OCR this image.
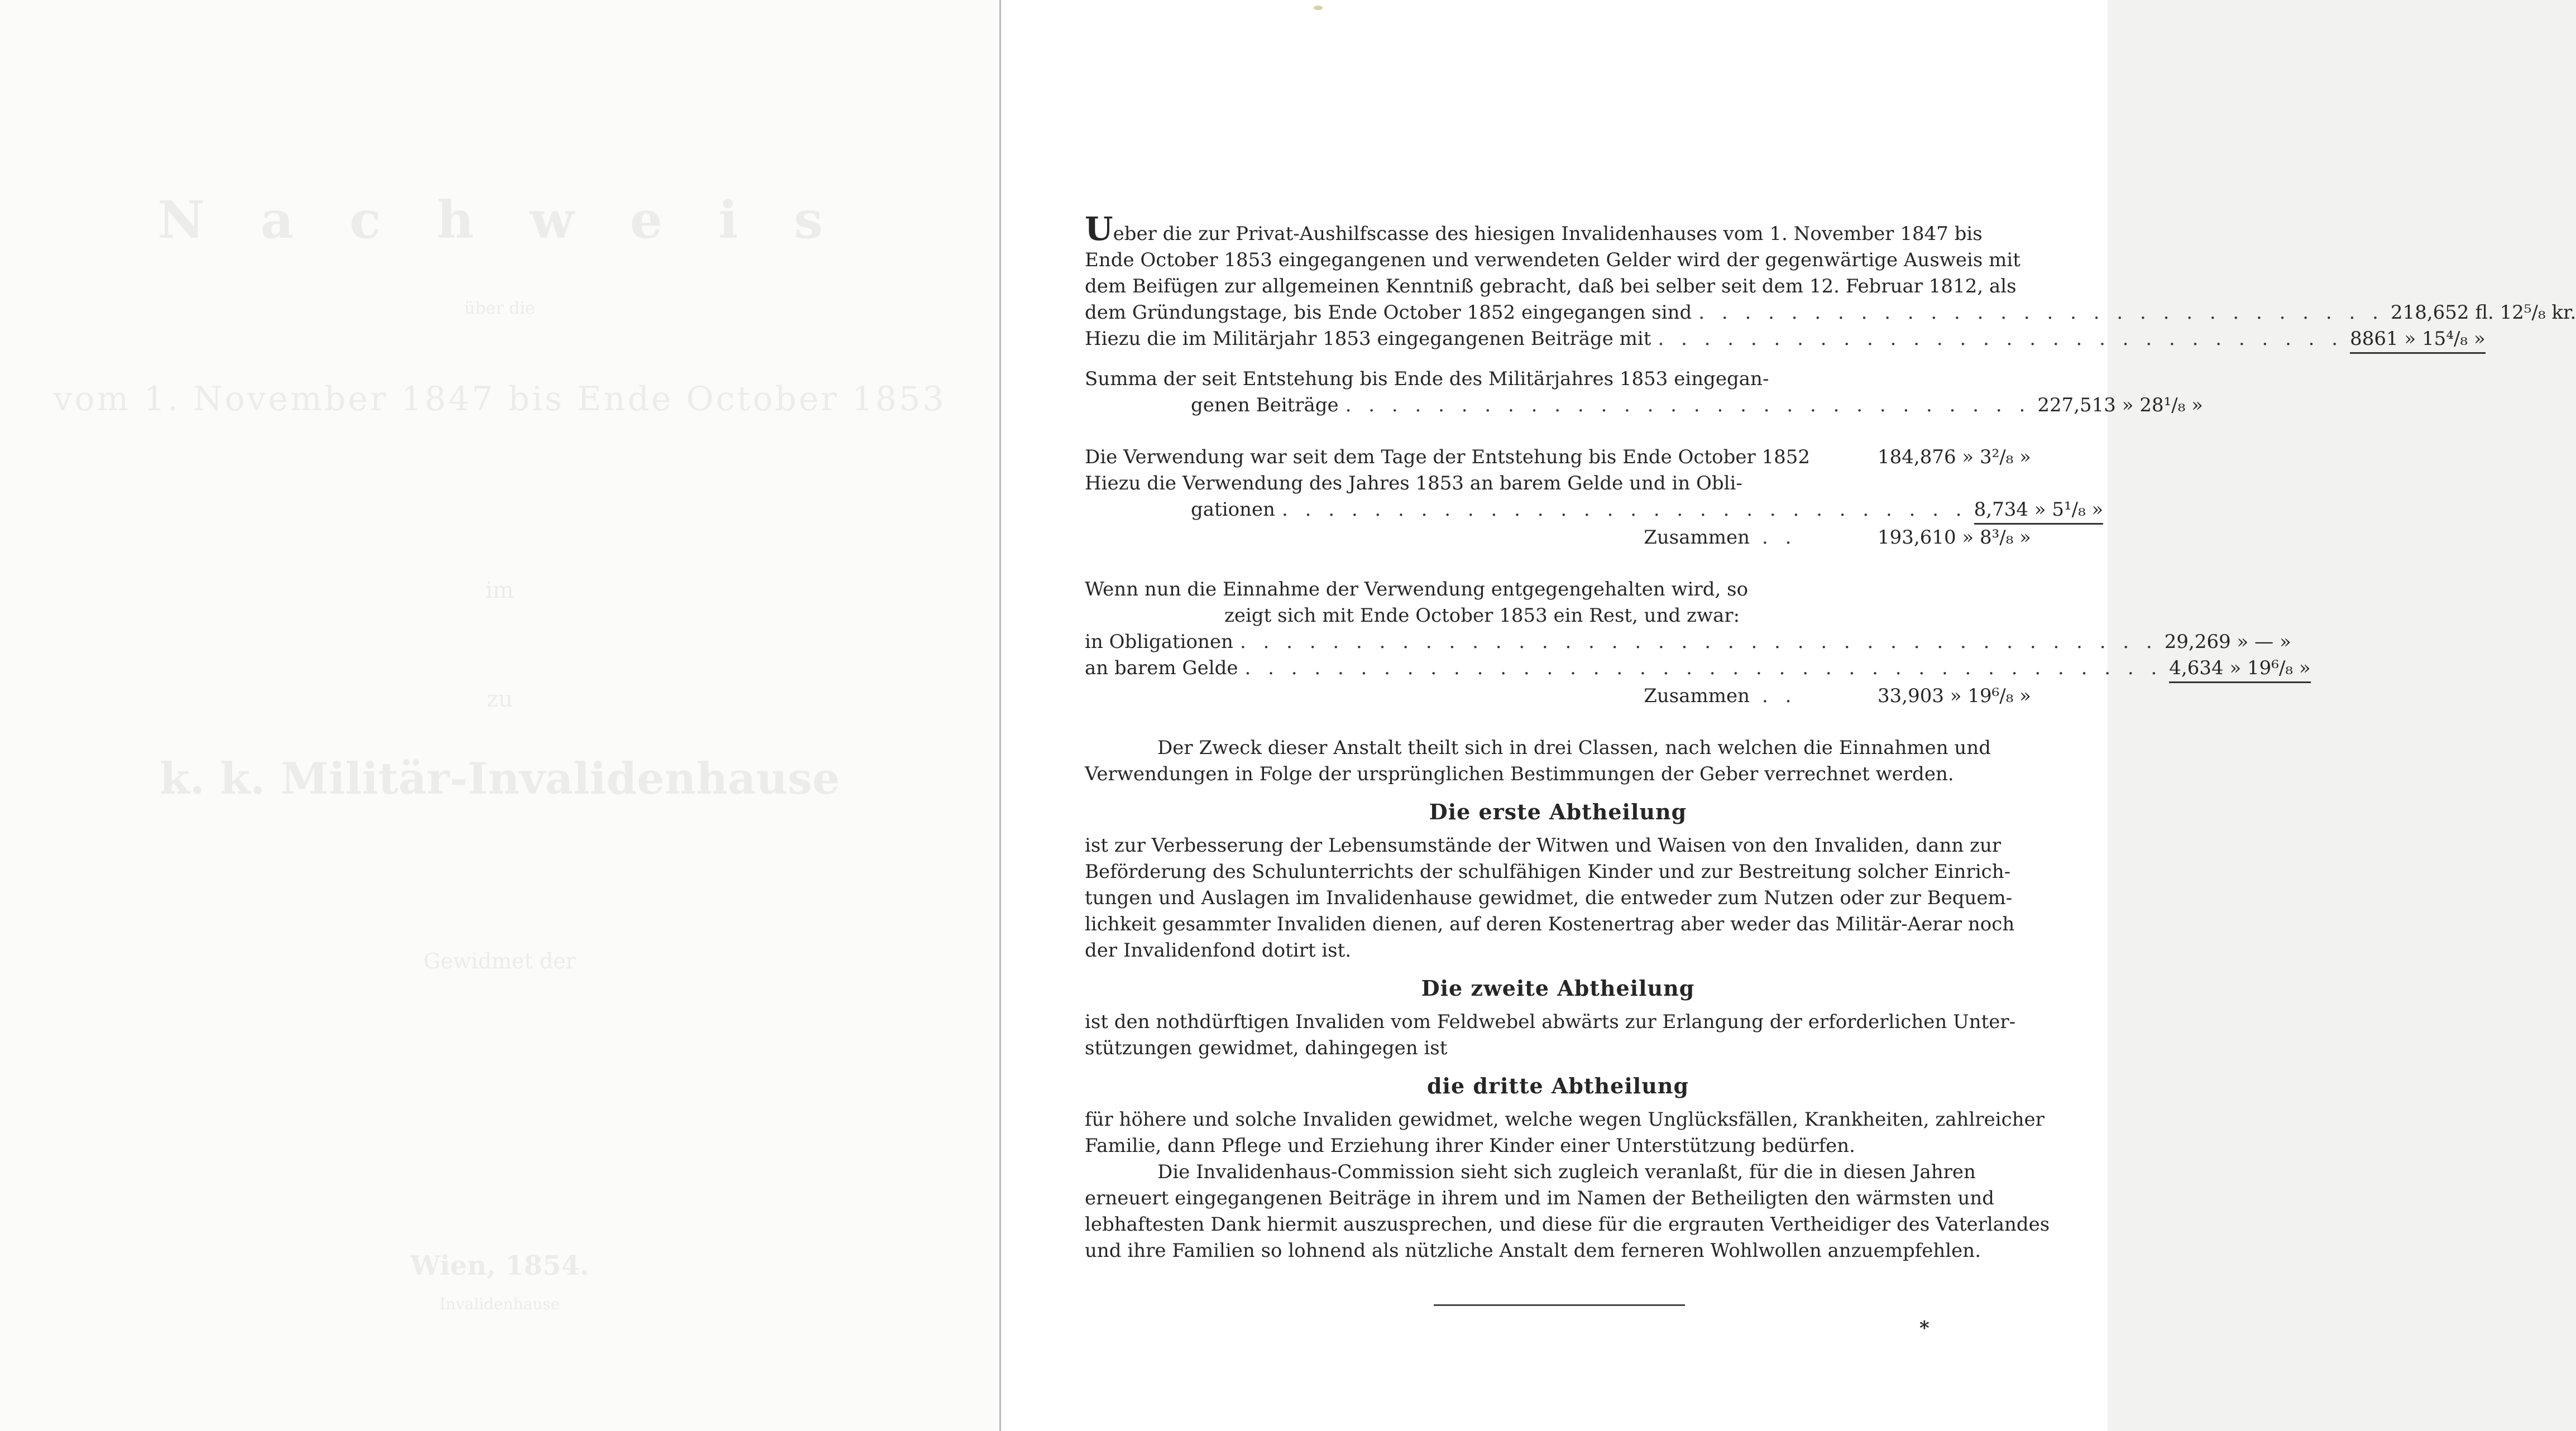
N a c h w e i s
über die
vom 1. November 1847 bis Ende October 1853
im
zu
k. k. Militär-Invalidenhause
Gewidmet der
Wien, 1854.
Invalidenhause
Ueber die zur Privat-Aushilfscasse des hiesigen Invalidenhauses vom 1. November 1847 bis
Ende October 1853 eingegangenen und verwendeten Gelder wird der gegenwärtige Ausweis mit
dem Beifügen zur allgemeinen Kenntniß gebracht, daß bei selber seit dem 12. Februar 1812, als
dem Gründungstage, bis Ende October 1852 eingegangen sind . . . . . . . . . . . . . . . . . . . . . . . . . . . . . . 218,652 fl. 12⁵/₈ kr.
Hiezu die im Militärjahr 1853 eingegangenen Beiträge mit . . . . . . . . . . . . . . . . . . . . . . . . . . . . . . 8861 » 15⁴/₈ »
Summa der seit Entstehung bis Ende des Militärjahres 1853 eingegan-
genen Beiträge . . . . . . . . . . . . . . . . . . . . . . . . . . . . . . 227,513 » 28¹/₈ »
Die Verwendung war seit dem Tage der Entstehung bis Ende October 1852	184,876 » 3²/₈ »
Hiezu die Verwendung des Jahres 1853 an barem Gelde und in Obli-
gationen . . . . . . . . . . . . . . . . . . . . . . . . . . . . . . 8,734 » 5¹/₈ »
Zusammen . .	193,610 » 8³/₈ »
Wenn nun die Einnahme der Verwendung entgegengehalten wird, so
zeigt sich mit Ende October 1853 ein Rest, und zwar:
in Obligationen . . . . . . . . . . . . . . . . . . . . . . . . . . . . . . . . . . . . . . . . 29,269 » — »
an barem Gelde . . . . . . . . . . . . . . . . . . . . . . . . . . . . . . . . . . . . . . . . 4,634 » 19⁶/₈ »
Zusammen . .	33,903 » 19⁶/₈ »
Der Zweck dieser Anstalt theilt sich in drei Classen, nach welchen die Einnahmen und
Verwendungen in Folge der ursprünglichen Bestimmungen der Geber verrechnet werden.
Die erste Abtheilung
ist zur Verbesserung der Lebensumstände der Witwen und Waisen von den Invaliden, dann zur
Beförderung des Schulunterrichts der schulfähigen Kinder und zur Bestreitung solcher Einrich-
tungen und Auslagen im Invalidenhause gewidmet, die entweder zum Nutzen oder zur Bequem-
lichkeit gesammter Invaliden dienen, auf deren Kostenertrag aber weder das Militär-Aerar noch
der Invalidenfond dotirt ist.
Die zweite Abtheilung
ist den nothdürftigen Invaliden vom Feldwebel abwärts zur Erlangung der erforderlichen Unter-
stützungen gewidmet, dahingegen ist
die dritte Abtheilung
für höhere und solche Invaliden gewidmet, welche wegen Unglücksfällen, Krankheiten, zahlreicher
Familie, dann Pflege und Erziehung ihrer Kinder einer Unterstützung bedürfen.
Die Invalidenhaus-Commission sieht sich zugleich veranlaßt, für die in diesen Jahren
erneuert eingegangenen Beiträge in ihrem und im Namen der Betheiligten den wärmsten und
lebhaftesten Dank hiermit auszusprechen, und diese für die ergrauten Vertheidiger des Vaterlandes
und ihre Familien so lohnend als nützliche Anstalt dem ferneren Wohlwollen anzuempfehlen.
*
